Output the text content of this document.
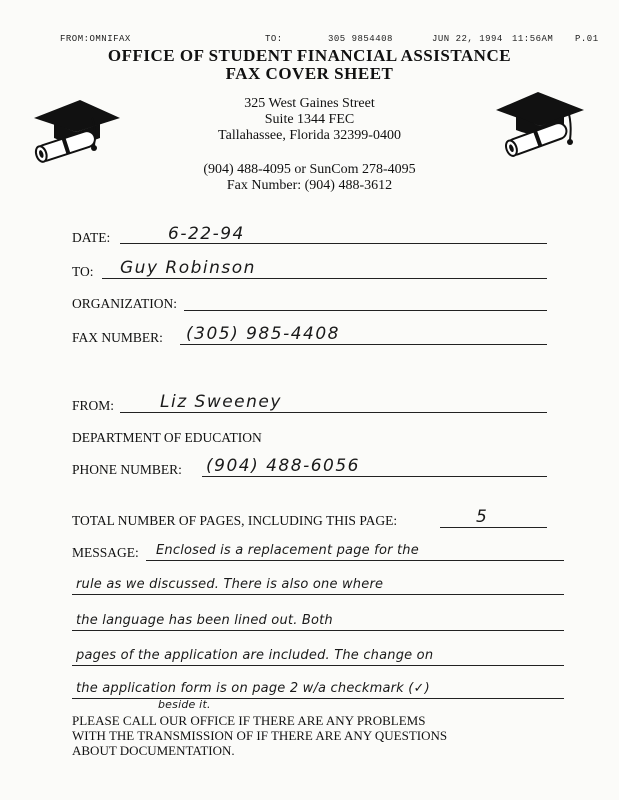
FROM:OMNIFAX	TO:	305 9854408	JUN 22, 1994 11:56AM P.01
OFFICE OF STUDENT FINANCIAL ASSISTANCE
FAX COVER SHEET
325 West Gaines Street
Suite 1344 FEC
Tallahassee, Florida 32399-0400
(904) 488-4095 or SunCom 278-4095
Fax Number: (904) 488-3612
DATE:	6-22-94
TO: Guy Robinson
ORGANIZATION:
FAX NUMBER: (305) 985-4408
FROM:	Liz Sweeney
DEPARTMENT OF EDUCATION
PHONE NUMBER: (904) 488-6056
TOTAL NUMBER OF PAGES, INCLUDING THIS PAGE:	5
MESSAGE: Enclosed is a replacement page for the
rule as we discussed. There is also one where
the language has been lined out. Both
pages of the application are included. The change on
the application form is on page 2 w/a checkmark (✓)
beside it.
PLEASE CALL OUR OFFICE IF THERE ARE ANY PROBLEMS
WITH THE TRANSMISSION OF IF THERE ARE ANY QUESTIONS
ABOUT DOCUMENTATION.
